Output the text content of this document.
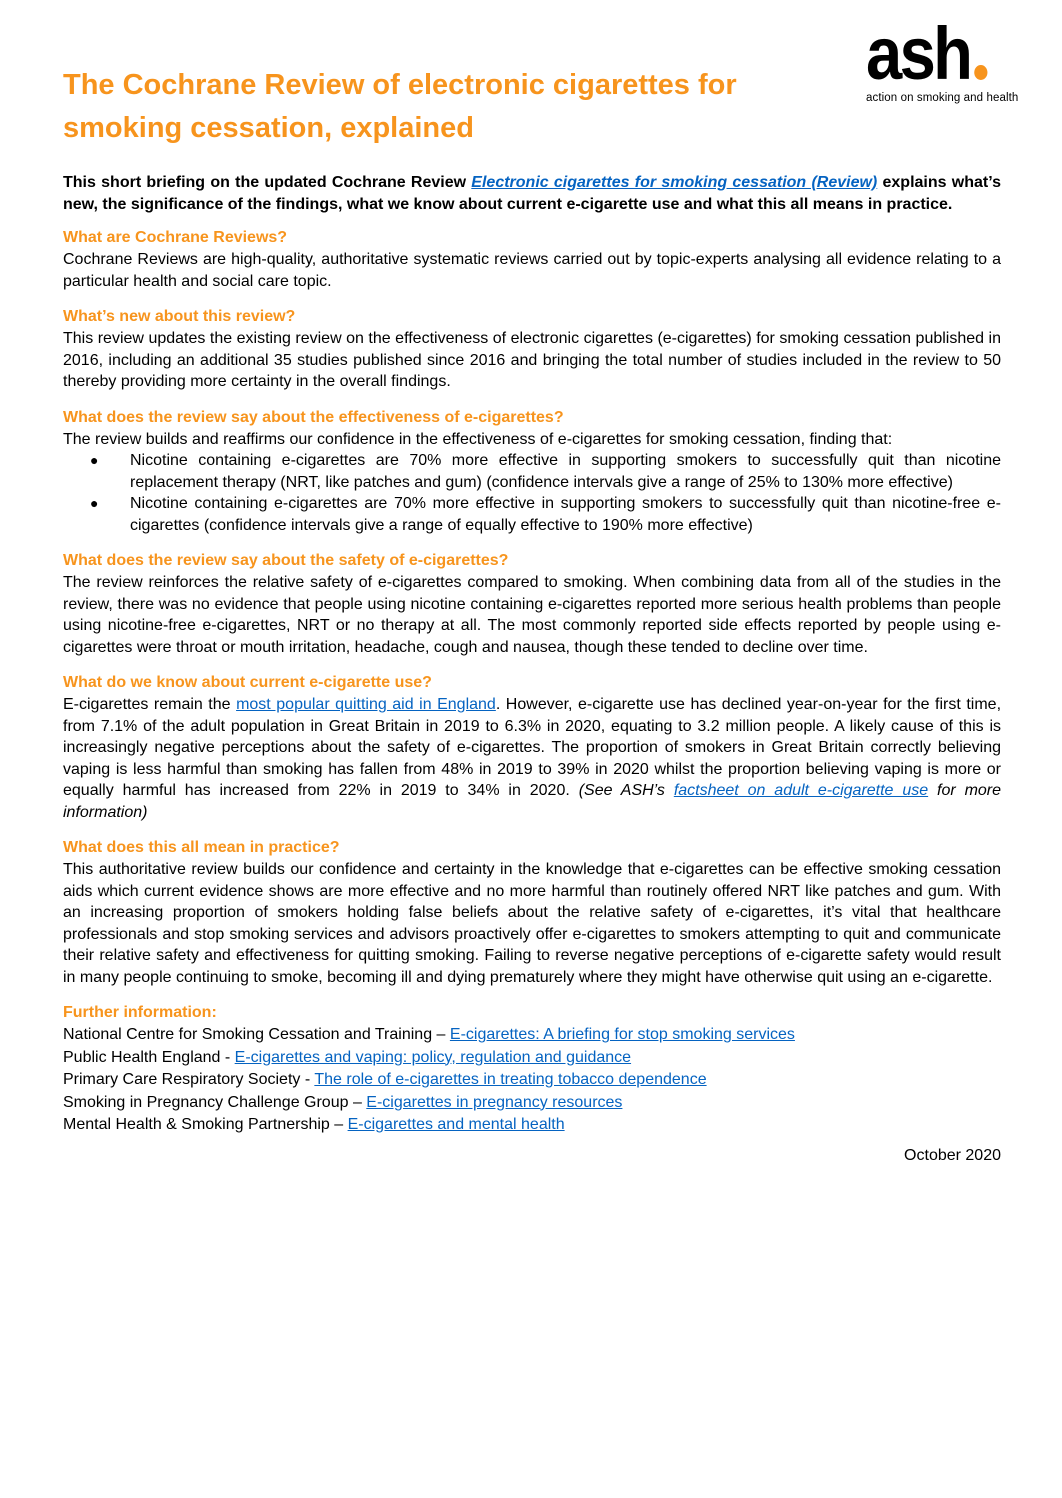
ash
action on smoking and health
The Cochrane Review of electronic cigarettes for smoking cessation, explained

This short briefing on the updated Cochrane Review Electronic cigarettes for smoking cessation (Review) explains what’s new, the significance of the findings, what we know about current e-cigarette use and what this all means in practice.

What are Cochrane Reviews?

Cochrane Reviews are high-quality, authoritative systematic reviews carried out by topic-experts analysing all evidence relating to a particular health and social care topic.

What’s new about this review?

This review updates the existing review on the effectiveness of electronic cigarettes (e-cigarettes) for smoking cessation published in 2016, including an additional 35 studies published since 2016 and bringing the total number of studies included in the review to 50 thereby providing more certainty in the overall findings.

What does the review say about the effectiveness of e-cigarettes?

The review builds and reaffirms our confidence in the effectiveness of e-cigarettes for smoking cessation, finding that:

● Nicotine containing e-cigarettes are 70% more effective in supporting smokers to successfully quit than nicotine replacement therapy (NRT, like patches and gum) (confidence intervals give a range of 25% to 130% more effective)
● Nicotine containing e-cigarettes are 70% more effective in supporting smokers to successfully quit than nicotine-free e-cigarettes (confidence intervals give a range of equally effective to 190% more effective)
What does the review say about the safety of e-cigarettes?

The review reinforces the relative safety of e-cigarettes compared to smoking. When combining data from all of the studies in the review, there was no evidence that people using nicotine containing e-cigarettes reported more serious health problems than people using nicotine-free e-cigarettes, NRT or no therapy at all. The most commonly reported side effects reported by people using e-cigarettes were throat or mouth irritation, headache, cough and nausea, though these tended to decline over time.

What do we know about current e-cigarette use?

E-cigarettes remain the most popular quitting aid in England. However, e-cigarette use has declined year-on-year for the first time, from 7.1% of the adult population in Great Britain in 2019 to 6.3% in 2020, equating to 3.2 million people. A likely cause of this is increasingly negative perceptions about the safety of e-cigarettes. The proportion of smokers in Great Britain correctly believing vaping is less harmful than smoking has fallen from 48% in 2019 to 39% in 2020 whilst the proportion believing vaping is more or equally harmful has increased from 22% in 2019 to 34% in 2020. (See ASH’s factsheet on adult e-cigarette use for more information)

What does this all mean in practice?

This authoritative review builds our confidence and certainty in the knowledge that e-cigarettes can be effective smoking cessation aids which current evidence shows are more effective and no more harmful than routinely offered NRT like patches and gum. With an increasing proportion of smokers holding false beliefs about the relative safety of e-cigarettes, it’s vital that healthcare professionals and stop smoking services and advisors proactively offer e-cigarettes to smokers attempting to quit and communicate their relative safety and effectiveness for quitting smoking. Failing to reverse negative perceptions of e-cigarette safety would result in many people continuing to smoke, becoming ill and dying prematurely where they might have otherwise quit using an e-cigarette.

Further information:
National Centre for Smoking Cessation and Training – E-cigarettes: A briefing for stop smoking services
Public Health England - E-cigarettes and vaping: policy, regulation and guidance
Primary Care Respiratory Society - The role of e-cigarettes in treating tobacco dependence
Smoking in Pregnancy Challenge Group – E-cigarettes in pregnancy resources
Mental Health & Smoking Partnership – E-cigarettes and mental health
October 2020
